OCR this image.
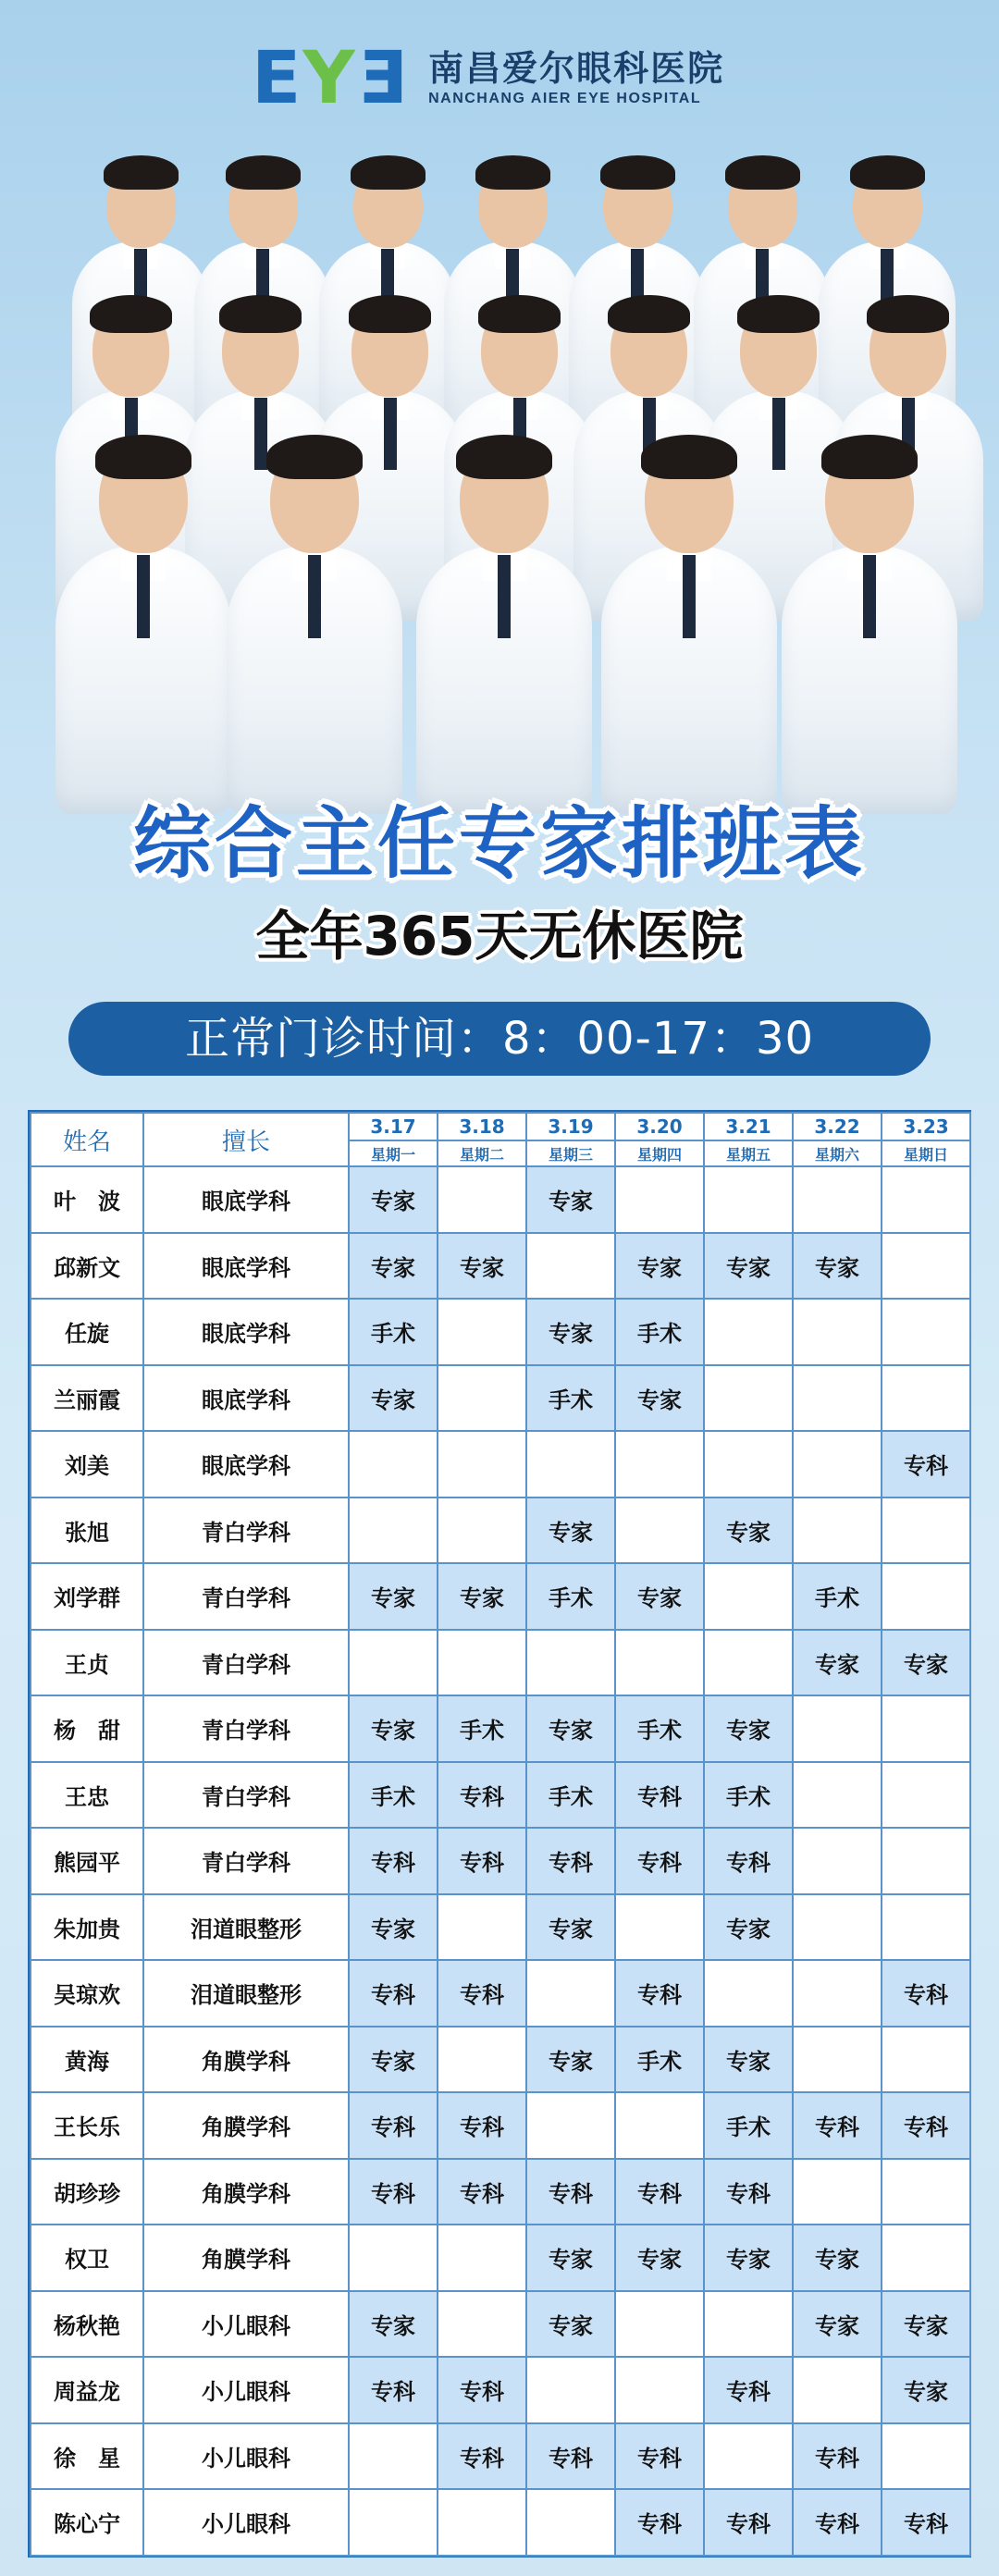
E Y E 南昌爱尔眼科医院
NANCHANG AIER EYE HOSPITAL
综合主任专家排班表
全年365天无休医院
正常门诊时间：8：00-17：30
姓名	擅长	3.17	3.18	3.19	3.20	3.21	3.22	3.23
		星期一	星期二	星期三	星期四	星期五	星期六	星期日
叶　波	眼底学科	专家		专家				
邱新文	眼底学科	专家	专家		专家	专家	专家	
任旋	眼底学科	手术		专家	手术			
兰丽霞	眼底学科	专家		手术	专家			
刘美	眼底学科							专科
张旭	青白学科			专家		专家		
刘学群	青白学科	专家	专家	手术	专家		手术	
王贞	青白学科						专家	专家
杨　甜	青白学科	专家	手术	专家	手术	专家		
王忠	青白学科	手术	专科	手术	专科	手术		
熊园平	青白学科	专科	专科	专科	专科	专科		
朱加贵	泪道眼整形	专家		专家		专家		
吴琼欢	泪道眼整形	专科	专科		专科			专科
黄海	角膜学科	专家		专家	手术	专家		
王长乐	角膜学科	专科	专科			手术	专科	专科
胡珍珍	角膜学科	专科	专科	专科	专科	专科		
权卫	角膜学科			专家	专家	专家	专家	
杨秋艳	小儿眼科	专家		专家			专家	专家
周益龙	小儿眼科	专科	专科			专科		专家
徐　星	小儿眼科		专科	专科	专科		专科	
陈心宁	小儿眼科				专科	专科	专科	专科
